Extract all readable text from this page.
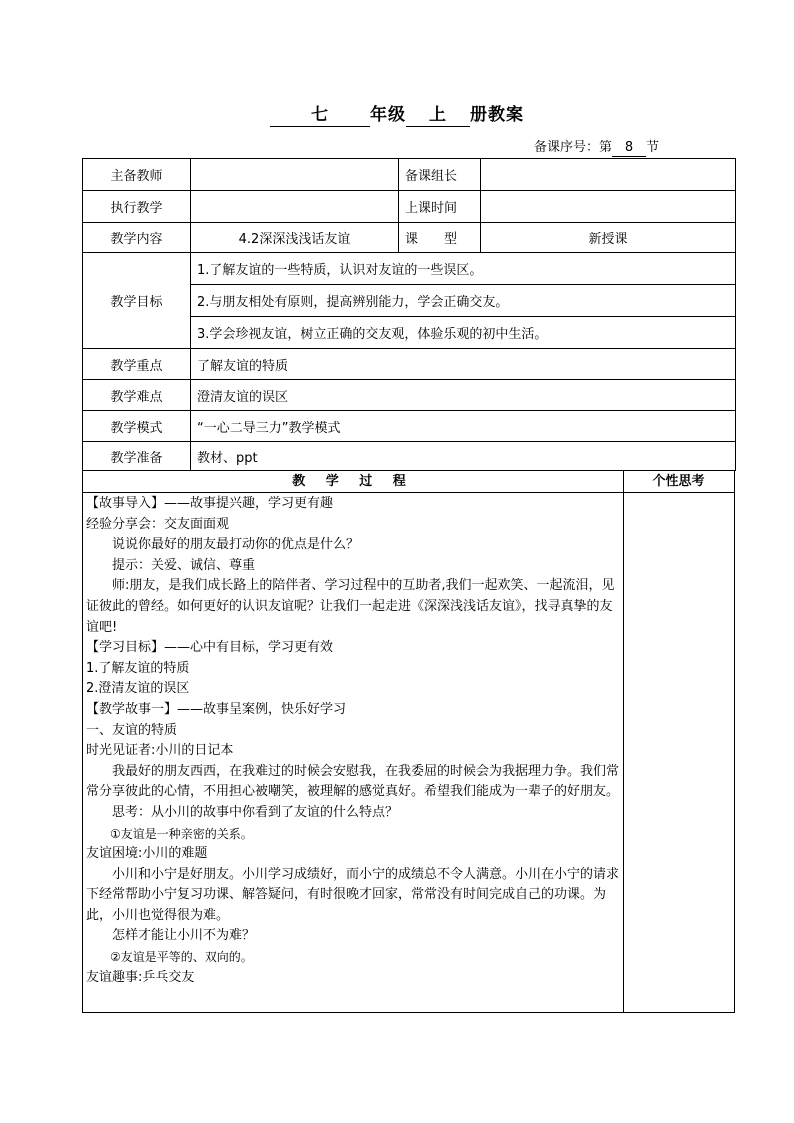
七 年级 上 册教案
备课序号：第 8 节
主备教师		备课组长	
执行教学		上课时间	
教学内容	4.2深深浅浅话友谊	课　　型	新授课
教学目标	1.了解友谊的一些特质，认识对友谊的一些误区。		
	2.与朋友相处有原则，提高辨别能力，学会正确交友。		
	3.学会珍视友谊，树立正确的交友观，体验乐观的初中生活。		
教学重点	了解友谊的特质		
教学难点	澄清友谊的误区		
教学模式	“一心二导三力”教学模式		
教学准备	教材、ppt		
教 学 过 程	个性思考

【故事导入】——故事提兴趣，学习更有趣

经验分享会：交友面面观

说说你最好的朋友最打动你的优点是什么？

提示：关爱、诚信、尊重

师:朋友，是我们成长路上的陪伴者、学习过程中的互助者,我们一起欢笑、一起流泪，见证彼此的曾经。如何更好的认识友谊呢？让我们一起走进《深深浅浅话友谊》，找寻真挚的友谊吧!

【学习目标】——心中有目标，学习更有效

1.了解友谊的特质

2.澄清友谊的误区

【教学故事一】——故事呈案例，快乐好学习

一、友谊的特质

时光见证者:小川的日记本

我最好的朋友西西，在我难过的时候会安慰我，在我委屈的时候会为我据理力争。我们常常分享彼此的心情，不用担心被嘲笑，被理解的感觉真好。希望我们能成为一辈子的好朋友。

思考：从小川的故事中你看到了友谊的什么特点？

①友谊是一种亲密的关系。

友谊困境:小川的难题

小川和小宁是好朋友。小川学习成绩好，而小宁的成绩总不令人满意。小川在小宁的请求下经常帮助小宁复习功课、解答疑问，有时很晚才回家，常常没有时间完成自己的功课。为此，小川也觉得很为难。

怎样才能让小川不为难？

②友谊是平等的、双向的。

友谊趣事:乒乓交友
